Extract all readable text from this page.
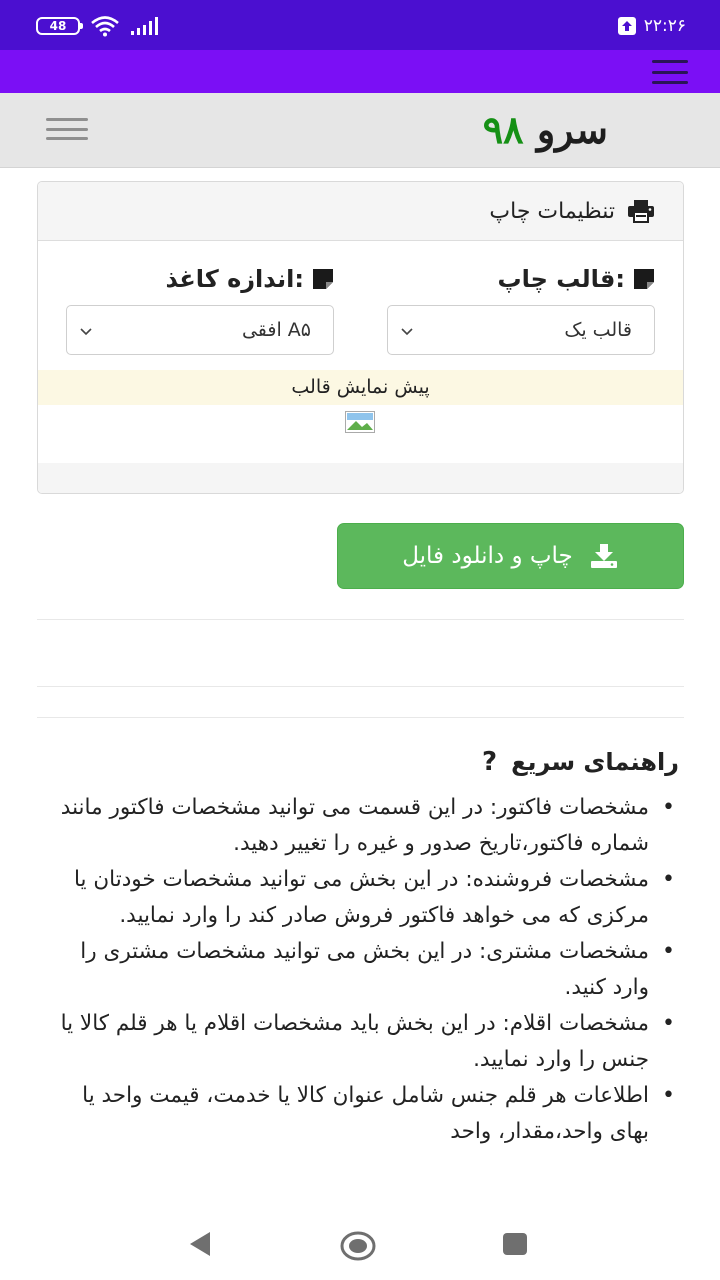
48	۲۲:۲۶
سرو ۹۸
تنظیمات چاپ
قالب چاپ:
قالب یک
اندازه کاغذ:
A۵ افقی
پیش نمایش قالب
چاپ و دانلود فایل
? راهنمای سریع
• مشخصات فاکتور: در این قسمت می توانید مشخصات فاکتور مانند شماره فاکتور،تاریخ صدور و غیره را تغییر دهید.
• مشخصات فروشنده: در این بخش می توانید مشخصات خودتان یا مرکزی که می خواهد فاکتور فروش صادر کند را وارد نمایید.
• مشخصات مشتری: در این بخش می توانید مشخصات مشتری را وارد کنید.
• مشخصات اقلام: در این بخش باید مشخصات اقلام یا هر قلم کالا یا جنس را وارد نمایید.
• اطلاعات هر قلم جنس شامل عنوان کالا یا خدمت، قیمت واحد یا بهای واحد،مقدار، واحد
